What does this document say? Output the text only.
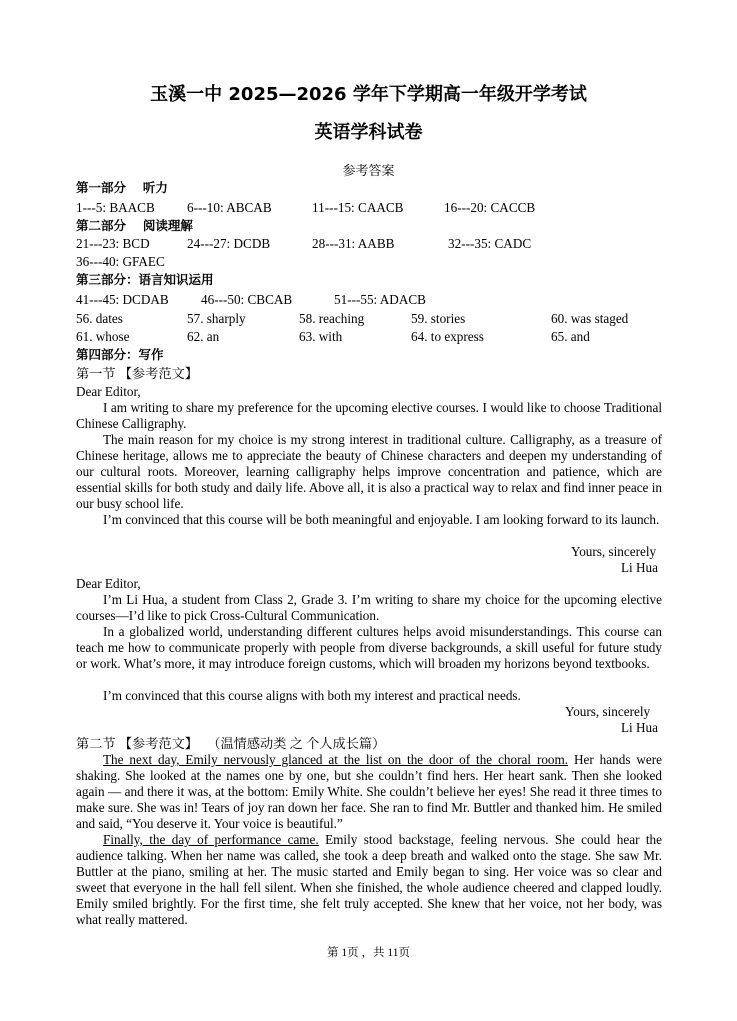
玉溪一中 2025—2026 学年下学期高一年级开学考试
英语学科试卷
参考答案
第一部分　 听力
1---5: BAACB 6---10: ABCAB	11---15: CAACB	16---20: CACCB
第二部分　 阅读理解
21---23: BCD	24---27: DCDB	28---31: AABB	32---35: CADC
36---40: GFAEC
第三部分：语言知识运用
41---45: DCDAB 46---50: CBCAB	51---55: ADACB
56. dates	57. sharply	58. reaching	59. stories	60. was staged
61. whose	62. an	63. with	64. to express	65. and
第四部分：写作
第一节 【参考范文】
Dear Editor,
I am writing to share my preference for the upcoming elective courses. I would like to choose Traditional Chinese Calligraphy.
The main reason for my choice is my strong interest in traditional culture. Calligraphy, as a treasure of Chinese heritage, allows me to appreciate the beauty of Chinese characters and deepen my understanding of our cultural roots. Moreover, learning calligraphy helps improve concentration and patience, which are essential skills for both study and daily life. Above all, it is also a practical way to relax and find inner peace in our busy school life.
I’m convinced that this course will be both meaningful and enjoyable. I am looking forward to its launch.
Yours, sincerely
Li Hua
Dear Editor,
I’m Li Hua, a student from Class 2, Grade 3. I’m writing to share my choice for the upcoming elective courses—I’d like to pick Cross-Cultural Communication.
In a globalized world, understanding different cultures helps avoid misunderstandings. This course can teach me how to communicate properly with people from diverse backgrounds, a skill useful for future study or work. What’s more, it may introduce foreign customs, which will broaden my horizons beyond textbooks.
I’m convinced that this course aligns with both my interest and practical needs.
Yours, sincerely
Li Hua
第二节 【参考范文】 （温情感动类 之 个人成长篇）
The next day, Emily nervously glanced at the list on the door of the choral room. Her hands were shaking. She looked at the names one by one, but she couldn’t find hers. Her heart sank. Then she looked again — and there it was, at the bottom: Emily White. She couldn’t believe her eyes! She read it three times to make sure. She was in! Tears of joy ran down her face. She ran to find Mr. Buttler and thanked him. He smiled and said, “You deserve it. Your voice is beautiful.”
Finally, the day of performance came. Emily stood backstage, feeling nervous. She could hear the audience talking. When her name was called, she took a deep breath and walked onto the stage. She saw Mr. Buttler at the piano, smiling at her. The music started and Emily began to sing. Her voice was so clear and sweet that everyone in the hall fell silent. When she finished, the whole audience cheered and clapped loudly. Emily smiled brightly. For the first time, she felt truly accepted. She knew that her voice, not her body, was what really mattered.
第 1页 ，共 11页
